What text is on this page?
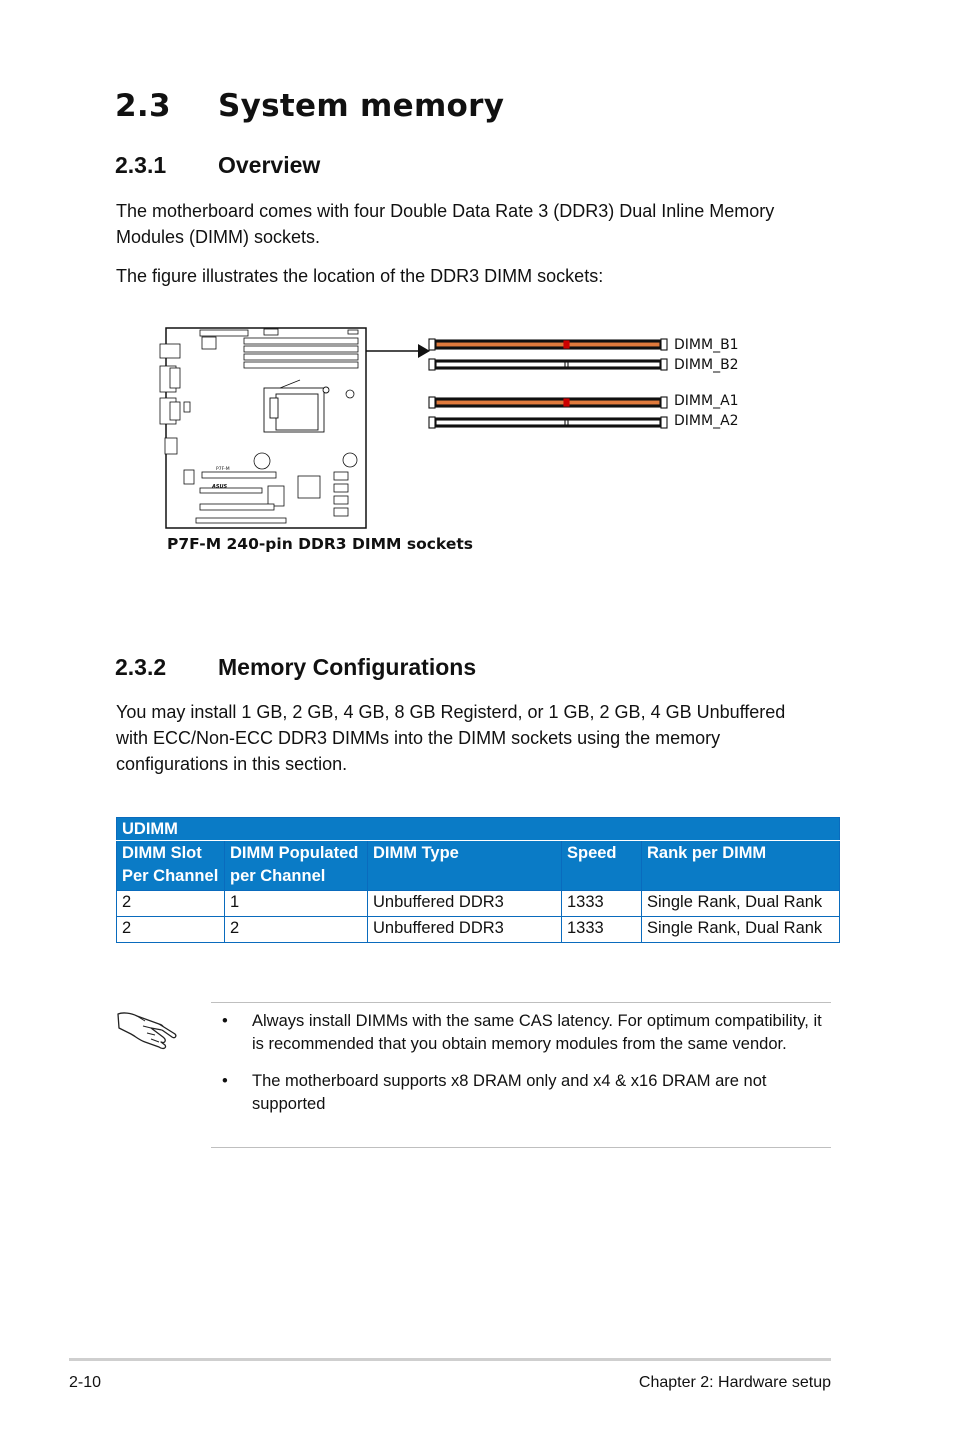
2.3 System memory
2.3.1 Overview

The motherboard comes with four Double Data Rate 3 (DDR3) Dual Inline Memory Modules (DIMM) sockets.

The figure illustrates the location of the DDR3 DIMM sockets:

P7F-M
ASUS
DIMM_B1
DIMM_B2
DIMM_A1
DIMM_A2
P7F-M 240-pin DDR3 DIMM sockets
2.3.2 Memory Configurations

You may install 1 GB, 2 GB, 4 GB, 8 GB Registerd, or 1 GB, 2 GB, 4 GB Unbuffered with ECC/Non-ECC DDR3 DIMMs into the DIMM sockets using the memory configurations in this section.

UDIMM				
DIMM Slot Per Channel	DIMM Populated per Channel	DIMM Type	Speed	Rank per DIMM
2	1	Unbuffered DDR3	1333	Single Rank, Dual Rank
2	2	Unbuffered DDR3	1333	Single Rank, Dual Rank
• Always install DIMMs with the same CAS latency. For optimum compatibility, it is recommended that you obtain memory modules from the same vendor.
• The motherboard supports x8 DRAM only and x4 & x16 DRAM are not supported
2-10	Chapter 2: Hardware setup
